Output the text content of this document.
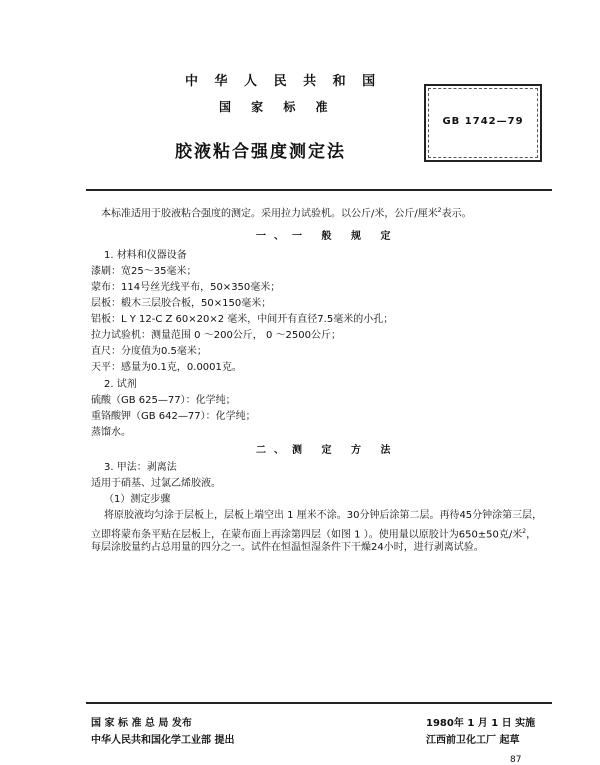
中 华 人 民 共 和 国
国 家 标 准
胶液粘合强度测定法
GB 1742—79
本标准适用于胶液粘合强度的测定。采用拉力试验机。以公斤/米，公斤/厘米$^2$表示。
一、一 般 规 定
1. 材料和仪器设备
漆刷：宽25～35毫米；
蒙布：114号丝光线平布，50×350毫米；
层板：椴木三层胶合板，50×150毫米；
铝板：L Y 12-C Z 60×20×2 毫米，中间开有直径7.5毫米的小孔；
拉力试验机：测量范围 0 ～200公斤， 0 ～2500公斤；
直尺：分度值为0.5毫米；
天平：感量为0.1克，0.0001克。
2. 试剂
硫酸（GB 625—77）：化学纯；
重铬酸钾（GB 642—77）：化学纯；
蒸馏水。
二、测 定 方 法
3. 甲法：剥离法
适用于硝基、过氯乙烯胶液。
（1）测定步骤
将原胶液均匀涂于层板上，层板上端空出 1 厘米不涂。30分钟后涂第二层。再待45分钟涂第三层，
立即将蒙布条平贴在层板上，在蒙布面上再涂第四层（如图 1 ）。使用量以原胶计为650±50克/米$^2$，
每层涂胶量约占总用量的四分之一。试件在恒温恒湿条件下干燥24小时，进行剥离试验。
国 家 标 准 总 局 发布
中华人民共和国化学工业部 提出
1980年 1 月 1 日 实施
江西前卫化工厂 起草
87
